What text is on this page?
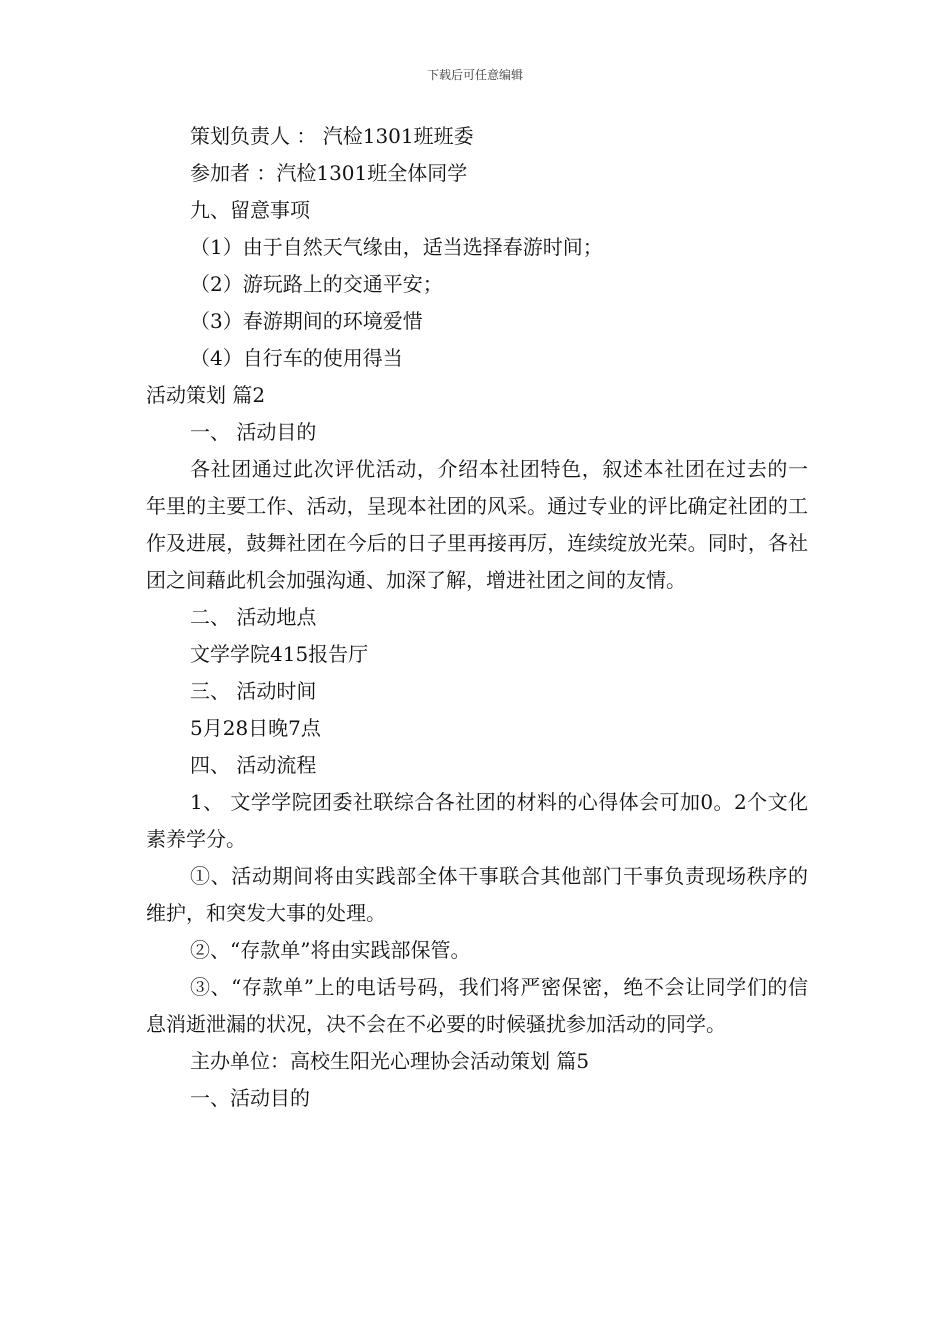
下载后可任意编辑
策划负责人 ： 汽检1301班班委
参加者 ：汽检1301班全体同学
九、留意事项
（1）由于自然天气缘由，适当选择春游时间；
（2）游玩路上的交通平安；
（3）春游期间的环境爱惜
（4）自行车的使用得当
活动策划 篇2
一、 活动目的
各社团通过此次评优活动，介绍本社团特色，叙述本社团在过去的一年里的主要工作、活动，呈现本社团的风采。通过专业的评比确定社团的工作及进展，鼓舞社团在今后的日子里再接再厉，连续绽放光荣。同时，各社团之间藉此机会加强沟通、加深了解，增进社团之间的友情。
二、 活动地点
文学学院415报告厅
三、 活动时间
5月28日晚7点
四、 活动流程
1、 文学学院团委社联综合各社团的材料的心得体会可加0。2个文化素养学分。
①、活动期间将由实践部全体干事联合其他部门干事负责现场秩序的维护，和突发大事的处理。
②、“存款单”将由实践部保管。
③、“存款单”上的电话号码，我们将严密保密，绝不会让同学们的信息消逝泄漏的状况，决不会在不必要的时候骚扰参加活动的同学。
主办单位：高校生阳光心理协会活动策划 篇5
一、活动目的
